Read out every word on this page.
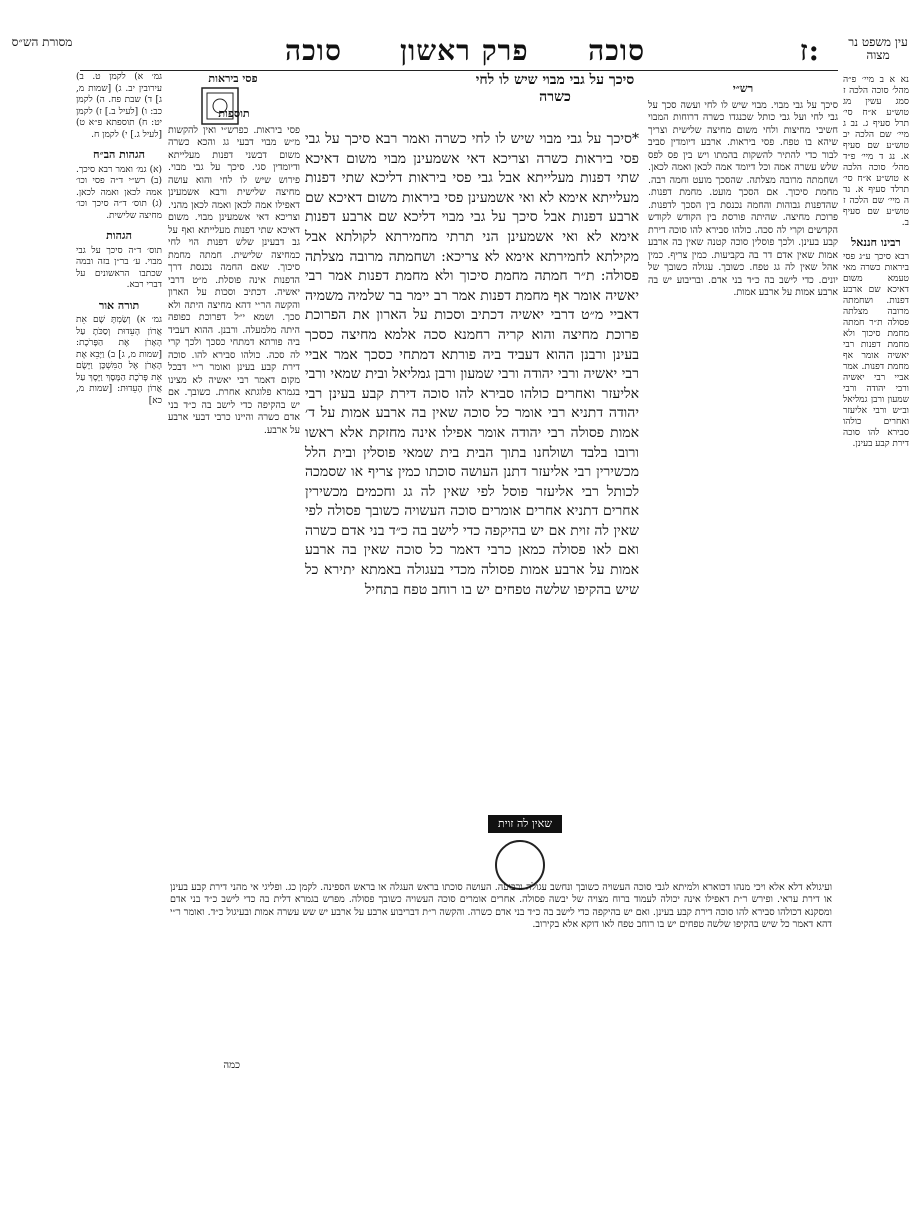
עין משפט נר מצוה
ז:
סוכה
פרק ראשון
סוכה
מסורת הש״ס
סיכך על גבי מבוי שיש לו לחי כשרה
פסי ביראות	נא א ב מיי׳ פ״ה מהל׳ סוכה הלכה ז סמג עשין מג טוש״ע א״ח סי׳ תרל סעיף ג. נב ג מיי׳ שם הלכה יב טוש״ע שם סעיף א. נג ד מיי׳ פ״ד מהל׳ סוכה הלכה א טוש״ע א״ח סי׳ תרלד סעיף א. נד ה מיי׳ שם הלכה ז טוש״ע שם סעיף ב.

רבינו חננאל

רבא סיכך ע״ג פסי ביראות כשרה מאי טעמא משום דאיכא שם ארבע דפנות. ושחמתה מרובה מצלתה פסולה ת״ר חמתה מחמת סיכוך ולא מחמת דפנות רבי יאשיה אומר אף מחמת דפנות. אמר אביי רבי יאשיה ורבי יהודה ורבי שמעון ורבן גמליאל וב״ש ורבי אליעזר ואחרים כולהו סבירא להו סוכה דירת קבע בעינן.

רש״י

סיכך על גבי מבוי. מבוי שיש לו לחי ועשה סכך על גבי לחי ועל גבי כותל שכנגדו כשרה דרוחות המבוי חשיבי מחיצות ולחי משום מחיצה שלישית וצריך שיהא בו טפח. פסי ביראות. ארבע דיומדין סביב לבור כדי להתיר להשקות בהמתו ויש בין פס לפס שלש עשרה אמה וכל דיומד אמה לכאן ואמה לכאן. ושחמתה מרובה מצלתה. שהסכך מועט וחמה רבה. מחמת סיכוך. אם הסכך מועט. מחמת דפנות. שהדפנות גבוהות והחמה נכנסת בין הסכך לדפנות. פרוכת מחיצה. שהיתה פורסת בין הקודש לקודש הקדשים וקרי לה סכה. כולהו סבירא להו סוכה דירת קבע בעינן. ולכך פוסלין סוכה קטנה שאין בה ארבע אמות שאין אדם דר בה בקביעות. כמין צריף. כמין אהל שאין לה גג טפח. כשובך. עגולה כשובך של יונים. כדי לישב בה כ״ד בני אדם. ובריבוע יש בה ארבע אמות על ארבע אמות.

*סיכך על גבי מבוי שיש לו לחי כשרה ואמר רבא סיכך על גבי פסי ביראות כשרה וצריכא דאי אשמעינן מבוי משום דאיכא שתי דפנות מעלייתא אבל גבי פסי ביראות דליכא שתי דפנות מעלייתא אימא לא ואי אשמעינן פסי ביראות משום דאיכא שם ארבע דפנות אבל סיכך על גבי מבוי דליכא שם ארבע דפנות אימא לא ואי אשמעינן הני תרתי מחמירתא לקולתא אבל מקילתא לחמירתא אימא לא צריכא: ושחמתה מרובה מצלתה פסולה: ת״ר חמתה מחמת סיכוך ולא מחמת דפנות אמר רבי יאשיה אומר אף מחמת דפנות אמר רב יימר בר שלמיה משמיה דאביי מ״ט דרבי יאשיה דכתיב וסכות על הארון את הפרוכת פרוכת מחיצה והוא קריה רחמנא סכה אלמא מחיצה כסכך בעינן ורבנן ההוא דעביד ביה פורתא דמתחי כסכך אמר אביי רבי יאשיה ורבי יהודה ורבי שמעון ורבן גמליאל ובית שמאי ורבי אליעזר ואחרים כולהו סבירא להו סוכה דירת קבע בעינן רבי יהודה דתניא רבי אומר כל סוכה שאין בה ארבע אמות על ד׳ אמות פסולה רבי יהודה אומר אפילו אינה מחזקת אלא ראשו ורובו בלבד ושולחנו בתוך הבית בית שמאי פוסלין ובית הלל מכשירין רבי אליעזר דתנן העושה סוכתו כמין צריף או שסמכה לכותל רבי אליעזר פוסל לפי שאין לה גג וחכמים מכשירין אחרים דתניא אחרים אומרים סוכה העשויה כשובך פסולה לפי שאין לה זוית אם יש בהיקפה כדי לישב בה כ״ד בני אדם כשרה ואם לאו פסולה כמאן כרבי דאמר כל סוכה שאין בה ארבע אמות על ארבע אמות פסולה מכדי בעגולה באמתא יתירא כל שיש בהקיפו שלשה טפחים יש בו רוחב טפח בתחיל

שאין לה זוית
תוספות

פסי ביראות. כפרש״י ואין להקשות מ״ש מבוי דבעי גג והכא כשרה משום דבשני דפנות מעלייתא ודיומדין סגי. סיכך על גבי מבוי. פירוש שיש לו לחי והוא עושה מחיצה שלישית ורבא אשמעינן דאפילו אמה לכאן ואמה לכאן מהני. וצריכא דאי אשמעינן מבוי. משום דאיכא שתי דפנות מעלייתא ואף על גב דבעינן שלש דפנות הוי לחי כמחיצה שלישית. חמתה מחמת סיכוך. שאם החמה נכנסת דרך הדפנות אינה פוסלת. מ״ט דרבי יאשיה. דכתיב וסכות על הארון והקשה הר״י דהא מחיצה היתה ולא סכך. ושמא י״ל דפרוכת כפופה היתה מלמעלה. ורבנן. ההוא דעביד ביה פורתא דמתחי כסכך ולכך קרי לה סכה. כולהו סבירא להו. סוכה דירת קבע בעינן ואומר ר״י דבכל מקום דאמר רבי יאשיה לא מצינו בגמרא פלוגתא אחרת. כשובך. אם יש בהקיפה כדי לישב בה כ״ד בני אדם כשרה והיינו כרבי דבעי ארבע על ארבע.

גמ׳ א) לקמן ט. ב) עירובין יב. ג) [שמות מ, ג] ד) שבת פח. ה) לקמן כב: ו) [לעיל ב.] ז) לקמן יט: ח) תוספתא פ״א ט) [לעיל ג.] י) לקמן ח.

הגהות הב״ח

(א) גמ׳ ואמר רבא סיכך. (ב) רש״י ד״ה פסי וכו׳ אמה לכאן ואמה לכאן. (ג) תוס׳ ד״ה סיכך וכו׳ מחיצה שלישית.

הגהות

תוס׳ ד״ה סיכך על גבי מבוי. ע׳ בר״ן בזה ובמה שכתבו הראשונים על דברי רבא.

תורה אור

גמ׳ א) וְשַׂמְתָּ שָׁם אֵת אֲרוֹן הָעֵדוּת וְסַכֹּתָ עַל הָאָרֹן אֶת הַפָּרֹכֶת: [שמות מ, ג] ב) וַיָּבֵא אֶת הָאָרֹן אֶל הַמִּשְׁכָּן וַיָּשֶׂם אֵת פָּרֹכֶת הַמָּסָךְ וַיָּסֶךְ עַל אֲרוֹן הָעֵדוּת: [שמות מ, כא]

ועיגולא דלא אלא ויכי מנהו דכוארא ולמיתא לגבי סוכה העשויה כשובך ונחשב עגולה ורבועה. העושה סוכתו בראש העגלה או בראש הספינה. לקמן כג. ופליגי אי מהני דירת קבע בעינן או דירת עראי. ופירש ר״ת דאפילו אינה יכולה לעמוד ברוח מצויה של יבשה פסולה. אחרים אומרים סוכה העשויה כשובך פסולה. מפרש בגמרא דלית בה כדי לישב כ״ד בני אדם ומסקנא דכולהו סבירא להו סוכה דירת קבע בעינן. ואם יש בהיקפה כדי לישב בה כ״ד בני אדם כשרה. והקשה ר״ת דבריבוע ארבע על ארבע יש שש עשרה אמות ובעיגול כ״ד. ואומר ר״י דהא דאמר כל שיש בהקיפו שלשה טפחים יש בו רוחב טפח לאו דוקא אלא בקירוב.

כמה
